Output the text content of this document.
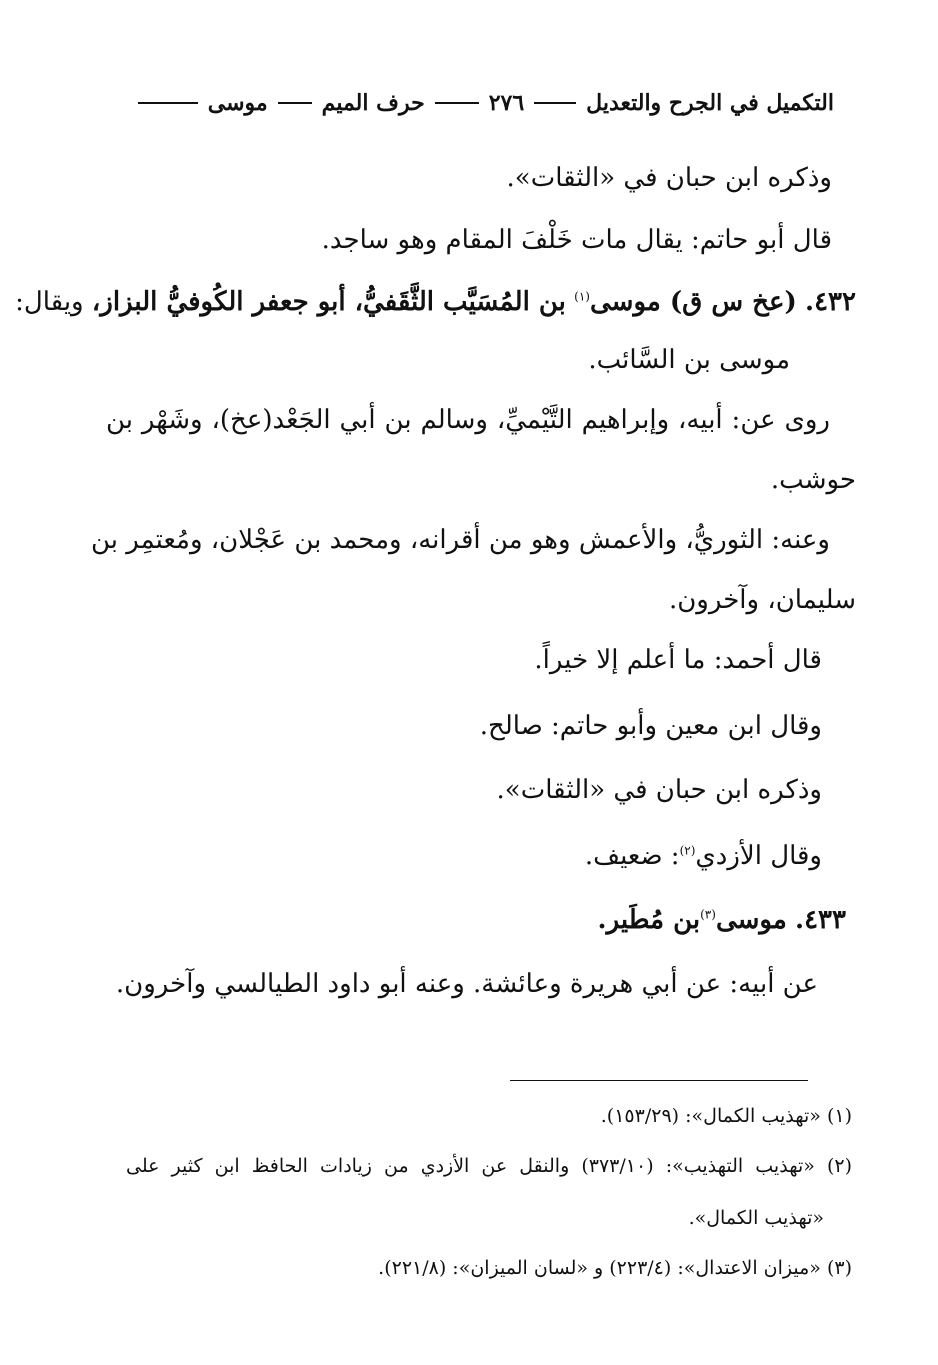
التكميل في الجرح والتعديل
٢٧٦
حرف الميم
موسى
وذكره ابن حبان في «الثقات».
قال أبو حاتم: يقال مات خَلْفَ المقام وهو ساجد.
٤٣٢. (عخ س ق) موسى$^{(١)}$ بن المُسَيَّب الثَّقَفيُّ، أبو جعفر الكُوفيُّ البزاز، ويقال:
موسى بن السَّائب.
روى عن: أبيه، وإبراهيم التَّيْميِّ، وسالم بن أبي الجَعْد(عخ)، وشَهْر بن
حوشب.
وعنه: الثوريُّ، والأعمش وهو من أقرانه، ومحمد بن عَجْلان، ومُعتمِر بن
سليمان، وآخرون.
قال أحمد: ما أعلم إلا خيراً.
وقال ابن معين وأبو حاتم: صالح.
وذكره ابن حبان في «الثقات».
وقال الأزدي$^{(٢)}$: ضعيف.
٤٣٣. موسى$^{(٣)}$بن مُطَير.
عن أبيه: عن أبي هريرة وعائشة. وعنه أبو داود الطيالسي وآخرون.
(١) «تهذيب الكمال»: (١٥٣/٢٩).
(٢) «تهذيب التهذيب»: (٣٧٣/١٠) والنقل عن الأزدي من زيادات الحافظ ابن كثير على
«تهذيب الكمال».
(٣) «ميزان الاعتدال»: (٢٢٣/٤) و «لسان الميزان»: (٢٢١/٨).
